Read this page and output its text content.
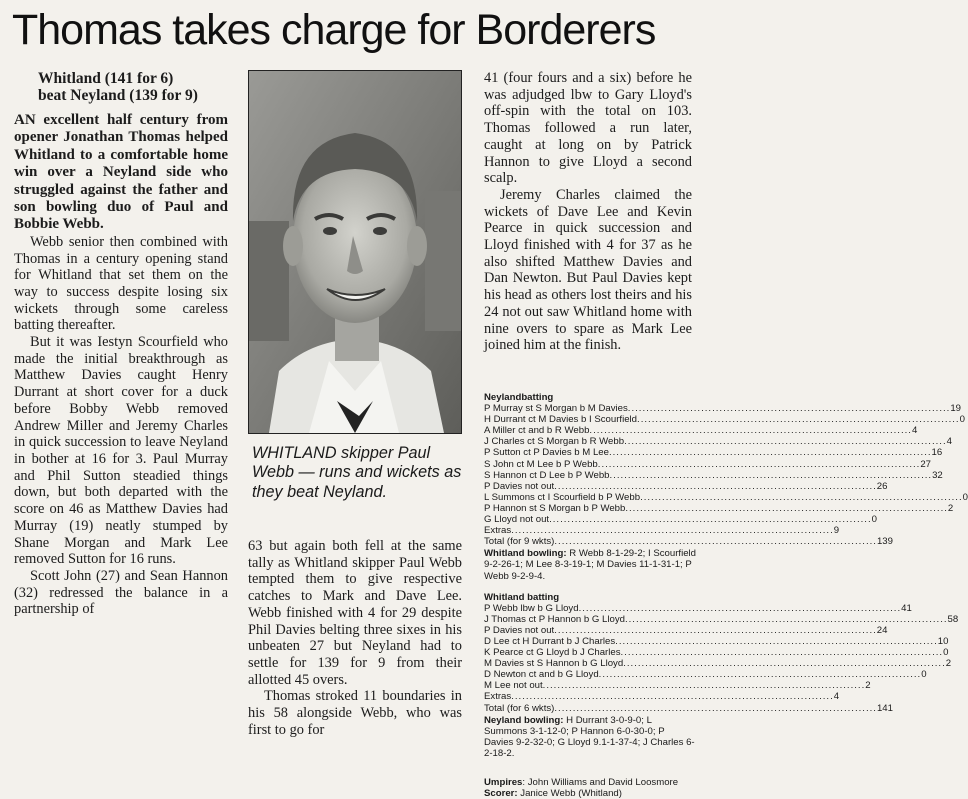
Thomas takes charge for Borderers
Whitland (141 for 6)
beat Neyland (139 for 9)

AN excellent half century from opener Jonathan Thomas helped Whitland to a comfortable home win over a Neyland side who struggled against the father and son bowling duo of Paul and Bobbie Webb.

Webb senior then combined with Thomas in a century opening stand for Whitland that set them on the way to success despite losing six wickets through some careless batting thereafter.

But it was Iestyn Scourfield who made the initial breakthrough as Matthew Davies caught Henry Durrant at short cover for a duck before Bobby Webb removed Andrew Miller and Jeremy Charles in quick succession to leave Neyland in bother at 16 for 3. Paul Murray and Phil Sutton steadied things down, but both departed with the score on 46 as Matthew Davies had Murray (19) neatly stumped by Shane Morgan and Mark Lee removed Sutton for 16 runs.

Scott John (27) and Sean Hannon (32) redressed the balance in a partnership of

WHITLAND skipper Paul Webb — runs and wickets as they beat Neyland.

63 but again both fell at the same tally as Whitland skipper Paul Webb tempted them to give respective catches to Mark and Dave Lee. Webb finished with 4 for 29 despite Phil Davies belting three sixes in his unbeaten 27 but Neyland had to settle for 139 for 9 from their allotted 45 overs.

Thomas stroked 11 boundaries in his 58 alongside Webb, who was first to go for

41 (four fours and a six) before he was adjudged lbw to Gary Lloyd's off-spin with the total on 103. Thomas followed a run later, caught at long on by Patrick Hannon to give Lloyd a second scalp.

Jeremy Charles claimed the wickets of Dave Lee and Kevin Pearce in quick succession and Lloyd finished with 4 for 37 as he also shifted Matthew Davies and Dan Newton. But Paul Davies kept his head as others lost theirs and his 24 not out saw Whitland home with nine overs to spare as Mark Lee joined him at the finish.

Neylandbatting
P Murray st S Morgan b M Davies .....	19
H Durrant ct M Davies b I Scourfield .....	0
A Miller ct and b R Webb .....	4
J Charles ct S Morgan b R Webb .....	4
P Sutton ct P Davies b M Lee .....	16
S John ct M Lee b P Webb .....	27
S Hannon ct D Lee b P Webb .....	32
P Davies not out .....	26
L Summons ct I Scourfield b P Webb .....	0
P Hannon st S Morgan b P Webb .....	2
G Lloyd not out .....	0
Extras .....	9
Total (for 9 wkts) .....	139
Whitland bowling: R Webb 8-1-29-2; I Scourfield 9-2-26-1; M Lee 8-3-19-1; M Davies 11-1-31-1; P Webb 9-2-9-4.
Whitland batting
P Webb lbw b G Lloyd .....	41
J Thomas ct P Hannon b G Lloyd .....	58
P Davies not out .....	24
D Lee ct H Durrant b J Charles .....	10
K Pearce ct G Lloyd b J Charles .....	0
M Davies st S Hannon b G Lloyd .....	2
D Newton ct and b G Lloyd .....	0
M Lee not out .....	2
Extras .....	4
Total (for 6 wkts) .....	141
Neyland bowling: H Durrant 3-0-9-0; L Summons 3-1-12-0; P Hannon 6-0-30-0; P Davies 9-2-32-0; G Lloyd 9.1-1-37-4; J Charles 6-2-18-2.
Umpires: John Williams and David Loosmore
Scorer: Janice Webb (Whitland)
